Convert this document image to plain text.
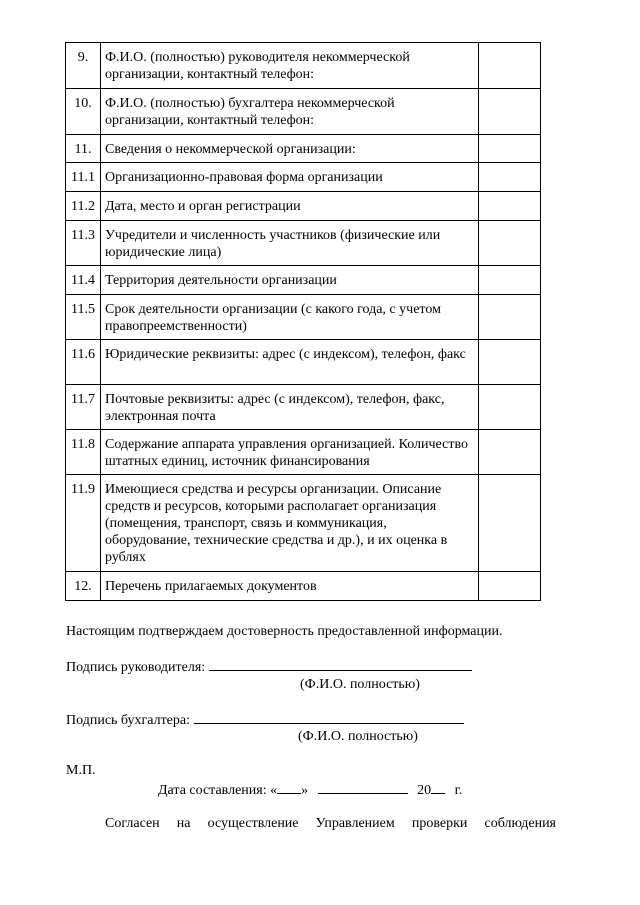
9.	Ф.И.О. (полностью) руководителя некоммерческой организации, контактный телефон:	
10.	Ф.И.О. (полностью) бухгалтера некоммерческой организации, контактный телефон:	
11.	Сведения о некоммерческой организации:	
11.1	Организационно-правовая форма организации	
11.2	Дата, место и орган регистрации	
11.3	Учредители и численность участников (физические или юридические лица)	
11.4	Территория деятельности организации	
11.5	Срок деятельности организации (с какого года, с учетом правопреемственности)	
11.6	Юридические реквизиты: адрес (с индексом), телефон, факс	
11.7	Почтовые реквизиты: адрес (с индексом), телефон, факс, электронная почта	
11.8	Содержание аппарата управления организацией. Количество штатных единиц, источник финансирования	
11.9	Имеющиеся средства и ресурсы организации. Описание средств и ресурсов, которыми располагает организация (помещения, транспорт, связь и коммуникация, оборудование, технические средства и др.), и их оценка в рублях	
12.	Перечень прилагаемых документов	
Настоящим подтверждаем достоверность предоставленной информации.
Подпись руководителя:
(Ф.И.О. полностью)
Подпись бухгалтера:
(Ф.И.О. полностью)
М.П.
Дата составления: « »	20 г.
Согласен на осуществление Управлением проверки соблюдения
